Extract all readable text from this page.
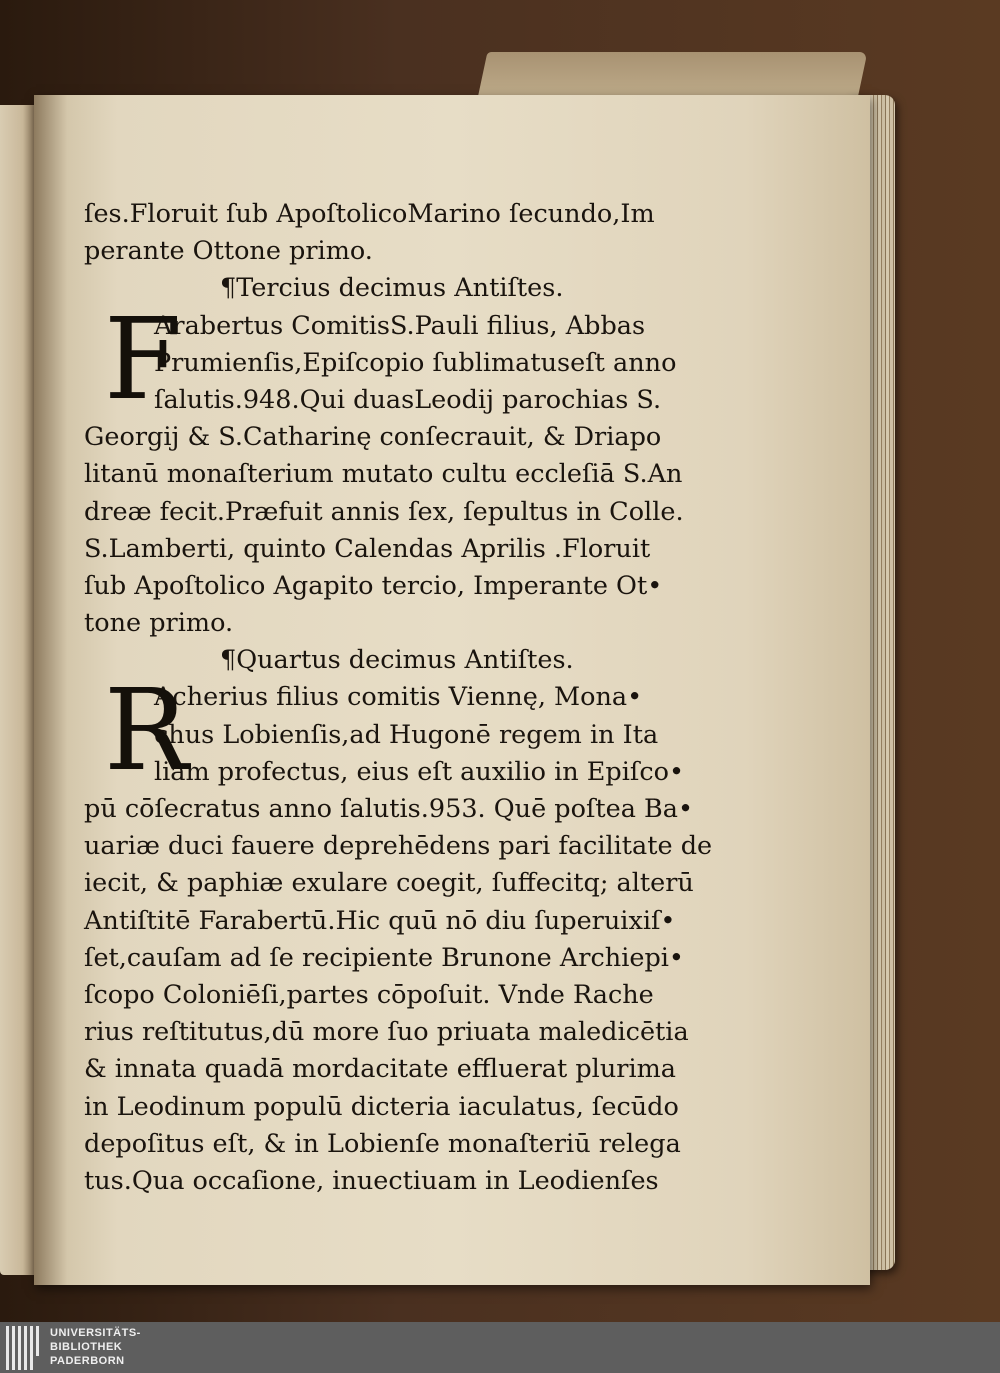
ſes.Floruit ſub ApoſtolicoMarino ſecundo,Im
perante Ottone primo.
¶Tercius decimus Antiſtes.
F
Arabertus ComitisS.Pauli filius, Abbas
Prumienſis,Epiſcopio ſublimatuseſt anno
ſalutis.948.Qui duasLeodij parochias S.
Georgij & S.Catharinę conſecrauit, & Driapo
litanū monaſterium mutato cultu eccleſiā S.An
dreæ fecit.Præfuit annis ſex, ſepultus in Colle.
S.Lamberti, quinto Calendas Aprilis .Floruit
ſub Apoſtolico Agapito tercio, Imperante Ot•
tone primo.
¶Quartus decimus Antiſtes.
R
Acherius filius comitis Viennę, Mona•
chus Lobienſis,ad Hugonē regem in Ita
liam profectus, eius eſt auxilio in Epiſco•
pū cōſecratus anno ſalutis.953. Quē poſtea Ba•
uariæ duci fauere deprehēdens pari facilitate de
iecit, & paphiæ exulare coegit, ſuffecitq; alterū
Antiſtitē Farabertū.Hic quū nō diu ſuperuixiſ•
ſet,cauſam ad ſe recipiente Brunone Archiepi•
ſcopo Coloniēſi,partes cōpoſuit. Vnde Rache
rius reſtitutus,dū more ſuo priuata maledicētia
& innata quadā mordacitate effluerat plurima
in Leodinum populū dicteria iaculatus, ſecūdo
depoſitus eſt, & in Lobienſe monaſteriū relega
tus.Qua occaſione, inuectiuam in Leodienſes
UNIVERSITÄTS-
BIBLIOTHEK
PADERBORN
